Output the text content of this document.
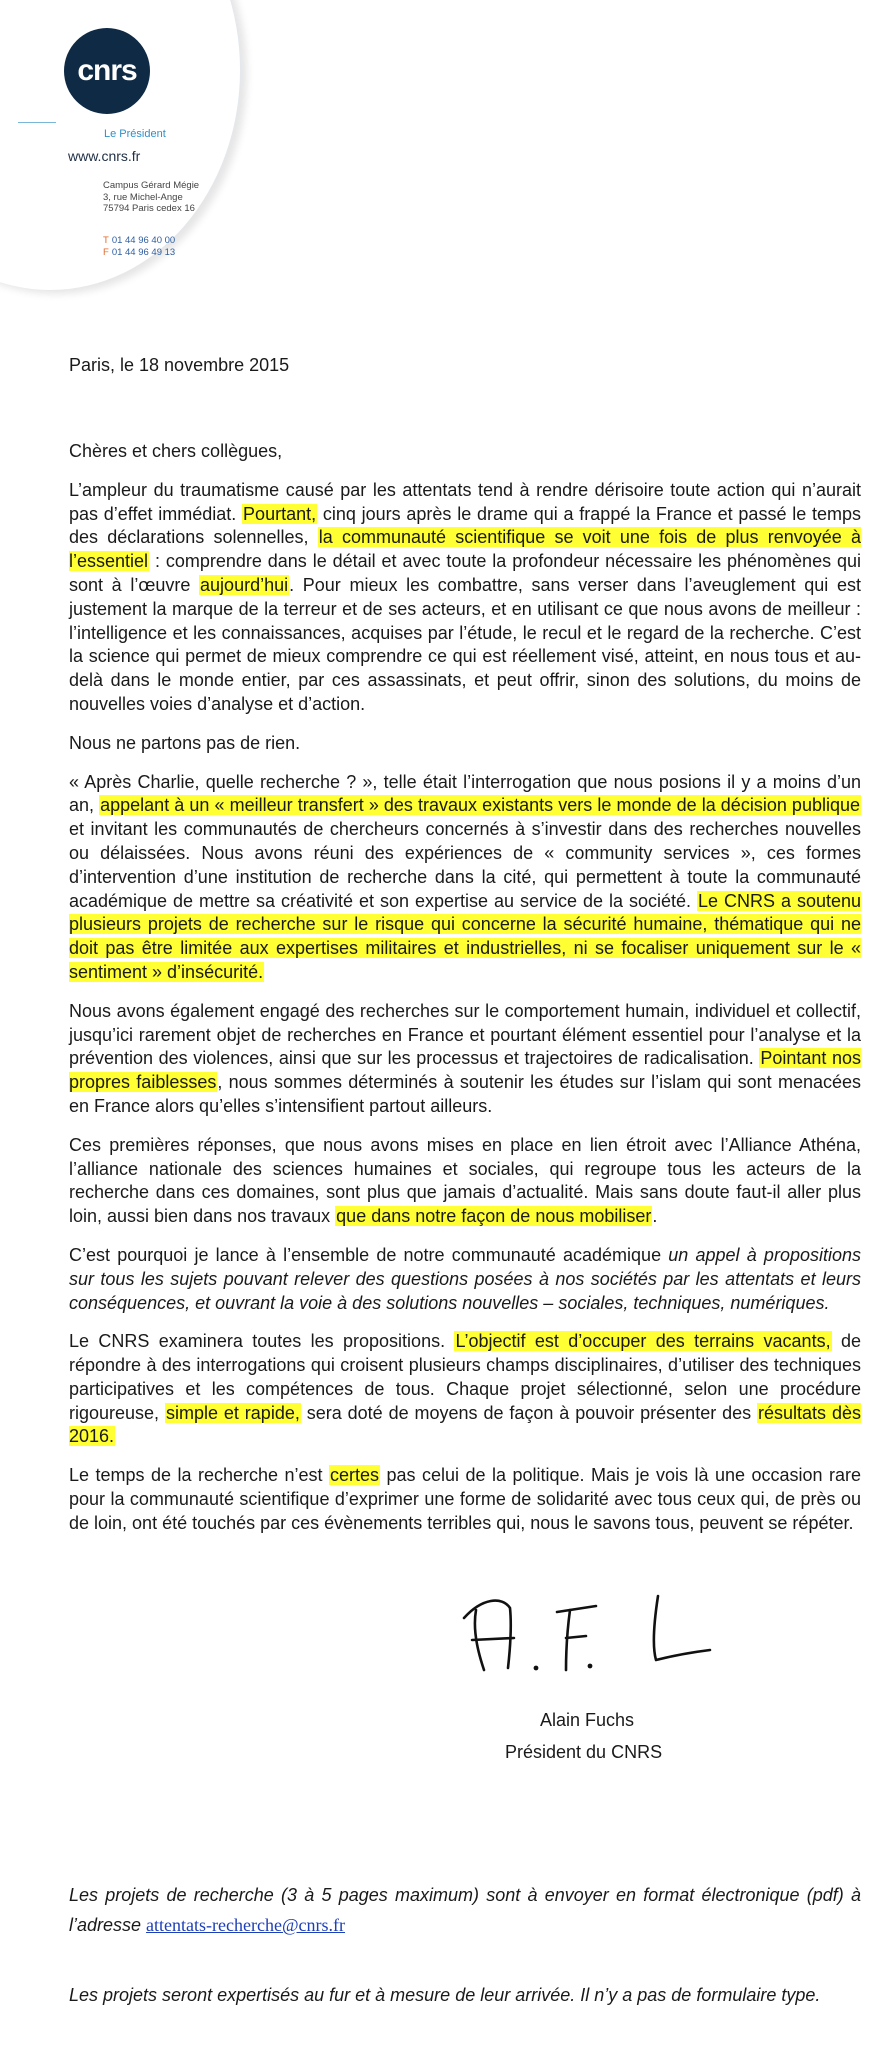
cnrs
Le Président
www.cnrs.fr
Campus Gérard Mégie
3, rue Michel-Ange
75794 Paris cedex 16
T 01 44 96 40 00
F 01 44 96 49 13
Paris, le 18 novembre 2015

Chères et chers collègues,

L’ampleur du traumatisme causé par les attentats tend à rendre dérisoire toute action qui n’aurait pas d’effet immédiat. Pourtant, cinq jours après le drame qui a frappé la France et passé le temps des déclarations solennelles, la communauté scientifique se voit une fois de plus renvoyée à l’essentiel : comprendre dans le détail et avec toute la profondeur nécessaire les phénomènes qui sont à l’œuvre aujourd’hui. Pour mieux les combattre, sans verser dans l’aveuglement qui est justement la marque de la terreur et de ses acteurs, et en utilisant ce que nous avons de meilleur : l’intelligence et les connaissances, acquises par l’étude, le recul et le regard de la recherche. C’est la science qui permet de mieux comprendre ce qui est réellement visé, atteint, en nous tous et au-delà dans le monde entier, par ces assassinats, et peut offrir, sinon des solutions, du moins de nouvelles voies d’analyse et d’action.

Nous ne partons pas de rien.

« Après Charlie, quelle recherche ? », telle était l’interrogation que nous posions il y a moins d’un an, appelant à un « meilleur transfert » des travaux existants vers le monde de la décision publique et invitant les communautés de chercheurs concernés à s’investir dans des recherches nouvelles ou délaissées. Nous avons réuni des expériences de « community services », ces formes d’intervention d’une institution de recherche dans la cité, qui permettent à toute la communauté académique de mettre sa créativité et son expertise au service de la société. Le CNRS a soutenu plusieurs projets de recherche sur le risque qui concerne la sécurité humaine, thématique qui ne doit pas être limitée aux expertises militaires et industrielles, ni se focaliser uniquement sur le « sentiment » d’insécurité.

Nous avons également engagé des recherches sur le comportement humain, individuel et collectif, jusqu’ici rarement objet de recherches en France et pourtant élément essentiel pour l’analyse et la prévention des violences, ainsi que sur les processus et trajectoires de radicalisation. Pointant nos propres faiblesses, nous sommes déterminés à soutenir les études sur l’islam qui sont menacées en France alors qu’elles s’intensifient partout ailleurs.

Ces premières réponses, que nous avons mises en place en lien étroit avec l’Alliance Athéna, l’alliance nationale des sciences humaines et sociales, qui regroupe tous les acteurs de la recherche dans ces domaines, sont plus que jamais d’actualité. Mais sans doute faut-il aller plus loin, aussi bien dans nos travaux que dans notre façon de nous mobiliser.

C’est pourquoi je lance à l’ensemble de notre communauté académique un appel à propositions sur tous les sujets pouvant relever des questions posées à nos sociétés par les attentats et leurs conséquences, et ouvrant la voie à des solutions nouvelles – sociales, techniques, numériques.

Le CNRS examinera toutes les propositions. L’objectif est d’occuper des terrains vacants, de répondre à des interrogations qui croisent plusieurs champs disciplinaires, d’utiliser des techniques participatives et les compétences de tous. Chaque projet sélectionné, selon une procédure rigoureuse, simple et rapide, sera doté de moyens de façon à pouvoir présenter des résultats dès 2016.

Le temps de la recherche n’est certes pas celui de la politique. Mais je vois là une occasion rare pour la communauté scientifique d’exprimer une forme de solidarité avec tous ceux qui, de près ou de loin, ont été touchés par ces évènements terribles qui, nous le savons tous, peuvent se répéter.

Alain Fuchs
Président du CNRS
Les projets de recherche (3 à 5 pages maximum) sont à envoyer en format électronique (pdf) à l’adresse attentats-recherche@cnrs.fr
Les projets seront expertisés au fur et à mesure de leur arrivée. Il n’y a pas de formulaire type.
